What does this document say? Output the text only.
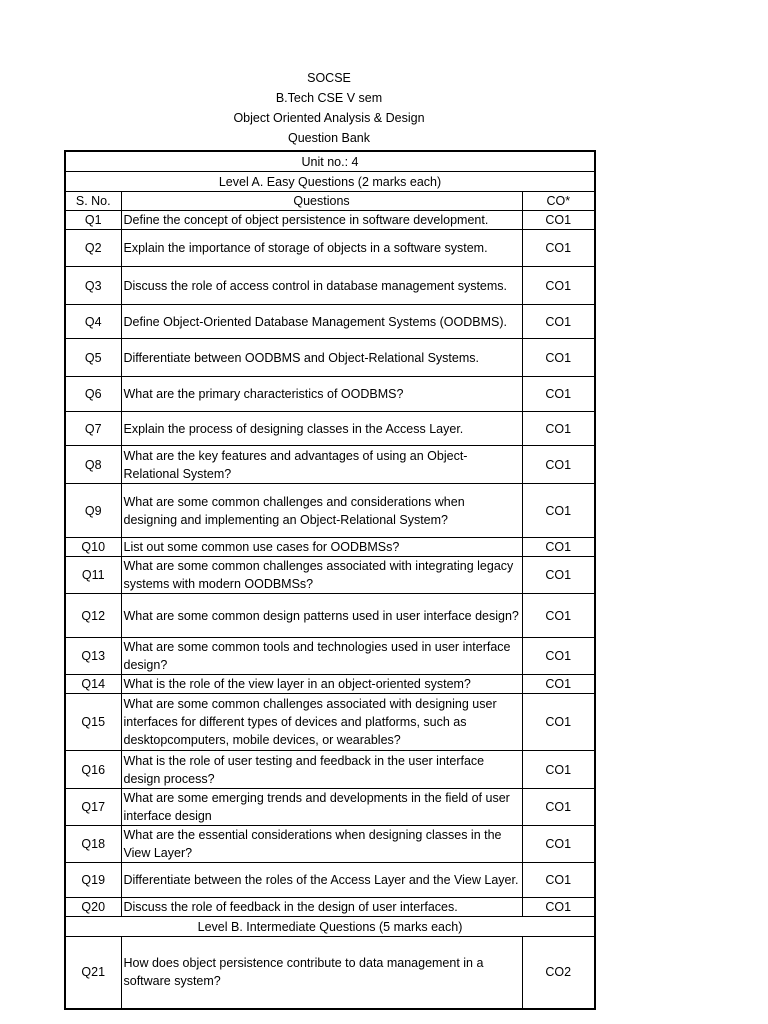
SOCSE
B.Tech CSE V sem
Object Oriented Analysis & Design
Question Bank
Unit no.: 4		
Level A. Easy Questions (2 marks each)		
S. No.	Questions	CO*
Q1	Define the concept of object persistence in software development.	CO1
Q2	Explain the importance of storage of objects in a software system.	CO1
Q3	Discuss the role of access control in database management systems.	CO1
Q4	Define Object-Oriented Database Management Systems (OODBMS).	CO1
Q5	Differentiate between OODBMS and Object-Relational Systems.	CO1
Q6	What are the primary characteristics of OODBMS?	CO1
Q7	Explain the process of designing classes in the Access Layer.	CO1
Q8	What are the key features and advantages of using an Object-Relational System?	CO1
Q9	What are some common challenges and considerations when designing and implementing an Object-Relational System?	CO1
Q10	List out some common use cases for OODBMSs?	CO1
Q11	What are some common challenges associated with integrating legacy systems with modern OODBMSs?	CO1
Q12	What are some common design patterns used in user interface design?	CO1
Q13	What are some common tools and technologies used in user interface design?	CO1
Q14	What is the role of the view layer in an object-oriented system?	CO1
Q15	What are some common challenges associated with designing user interfaces for different types of devices and platforms, such as desktopcomputers, mobile devices, or wearables?	CO1
Q16	What is the role of user testing and feedback in the user interface design process?	CO1
Q17	What are some emerging trends and developments in the field of user interface design	CO1
Q18	What are the essential considerations when designing classes in the View Layer?	CO1
Q19	Differentiate between the roles of the Access Layer and the View Layer.	CO1
Q20	Discuss the role of feedback in the design of user interfaces.	CO1
Level B. Intermediate Questions (5 marks each)		
Q21	How does object persistence contribute to data management in a software system?	CO2
